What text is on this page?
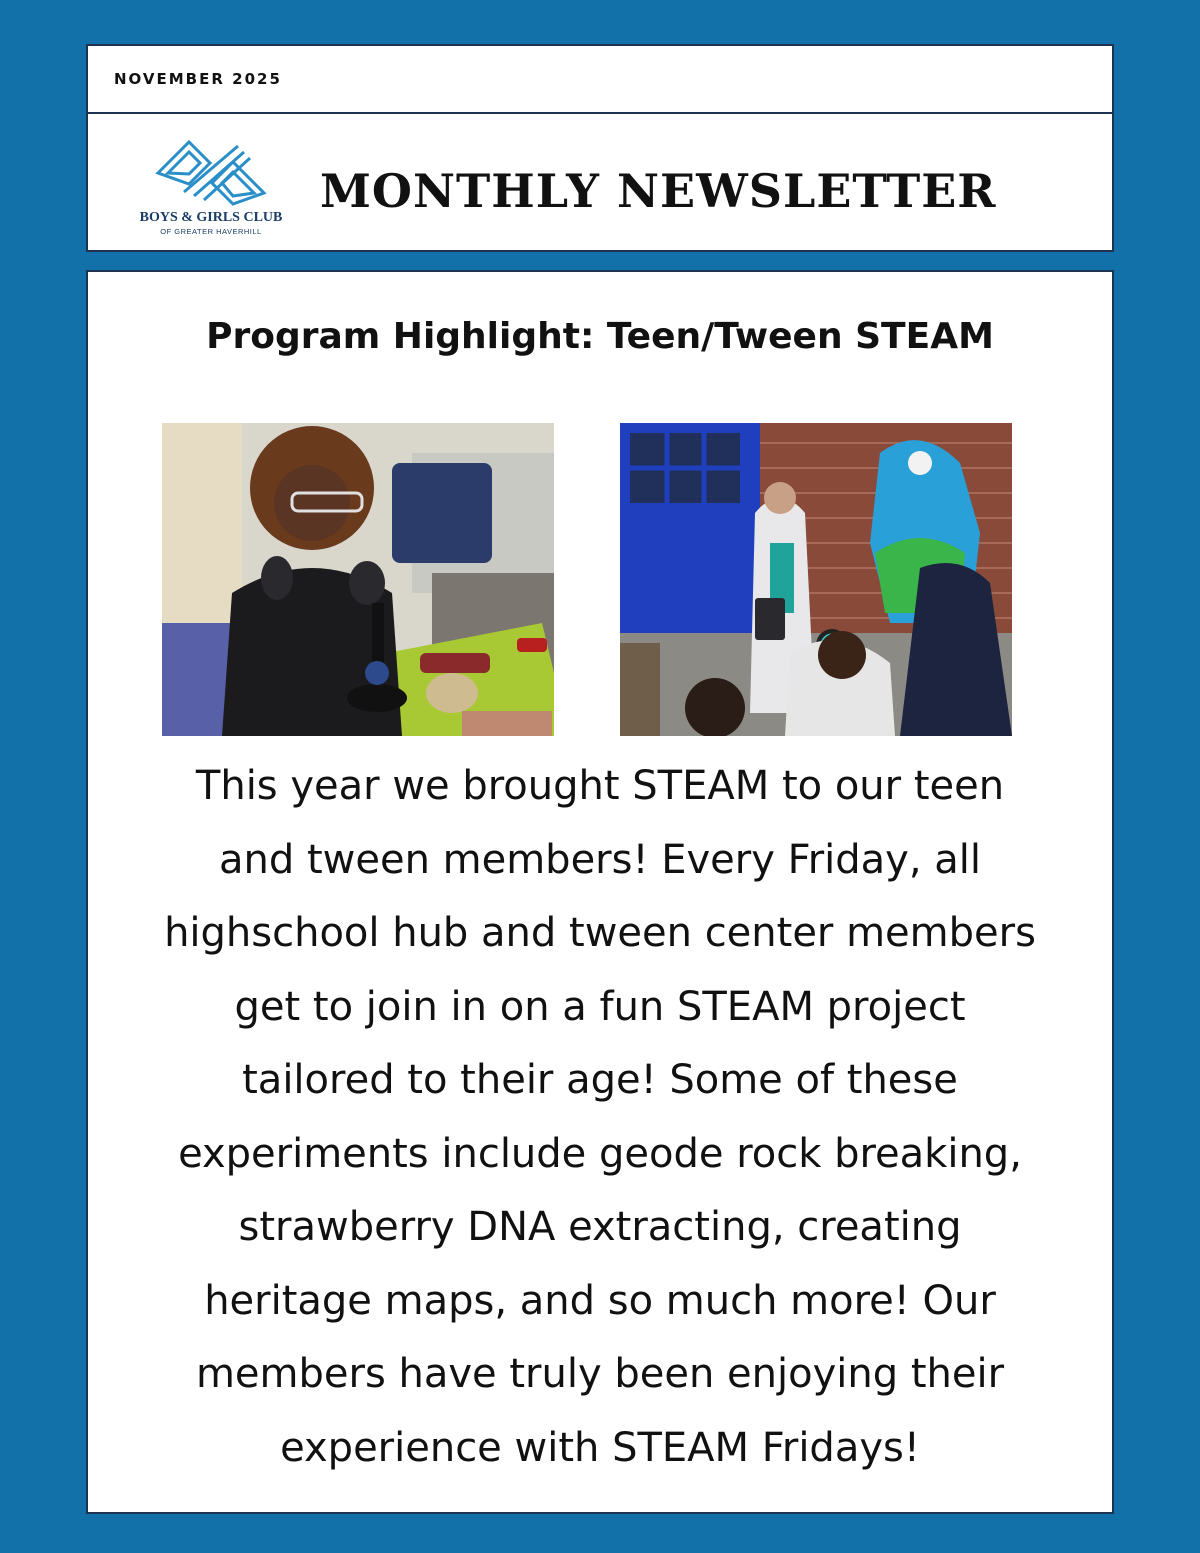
NOVEMBER 2025
BOYS & GIRLS CLUB
OF GREATER HAVERHILL
MONTHLY NEWSLETTER
Program Highlight: Teen/Tween STEAM

This year we brought STEAM to our teen
and tween members! Every Friday, all
highschool hub and tween center members
get to join in on a fun STEAM project
tailored to their age! Some of these
experiments include geode rock breaking,
strawberry DNA extracting, creating
heritage maps, and so much more! Our
members have truly been enjoying their
experience with STEAM Fridays!
